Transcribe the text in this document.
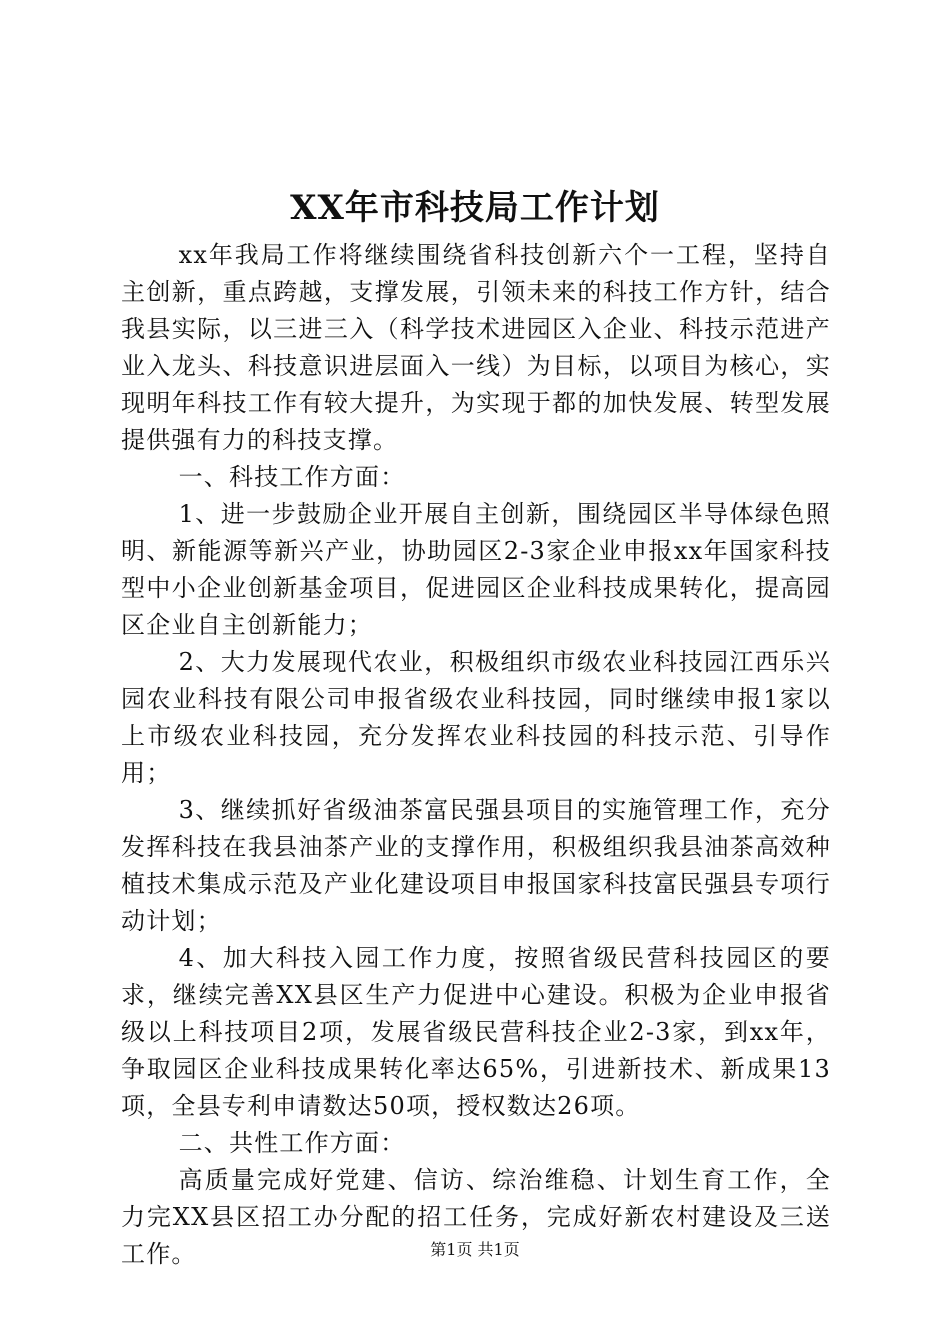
XX年市科技局工作计划

xx年我局工作将继续围绕省科技创新六个一工程，坚持自主创新，重点跨越，支撑发展，引领未来的科技工作方针，结合我县实际，以三进三入（科学技术进园区入企业、科技示范进产业入龙头、科技意识进层面入一线）为目标，以项目为核心，实现明年科技工作有较大提升，为实现于都的加快发展、转型发展提供强有力的科技支撑。

一、科技工作方面：

1、进一步鼓励企业开展自主创新，围绕园区半导体绿色照明、新能源等新兴产业，协助园区2-3家企业申报xx年国家科技型中小企业创新基金项目，促进园区企业科技成果转化，提高园区企业自主创新能力；

2、大力发展现代农业，积极组织市级农业科技园江西乐兴园农业科技有限公司申报省级农业科技园，同时继续申报1家以上市级农业科技园，充分发挥农业科技园的科技示范、引导作用；

3、继续抓好省级油茶富民强县项目的实施管理工作，充分发挥科技在我县油茶产业的支撑作用，积极组织我县油茶高效种植技术集成示范及产业化建设项目申报国家科技富民强县专项行动计划；

4、加大科技入园工作力度，按照省级民营科技园区的要求，继续完善XX县区生产力促进中心建设。积极为企业申报省级以上科技项目2项，发展省级民营科技企业2-3家，到xx年，争取园区企业科技成果转化率达65%，引进新技术、新成果13项，全县专利申请数达50项，授权数达26项。

二、共性工作方面：

高质量完成好党建、信访、综治维稳、计划生育工作，全力完XX县区招工办分配的招工任务，完成好新农村建设及三送工作。	第1页 共1页
